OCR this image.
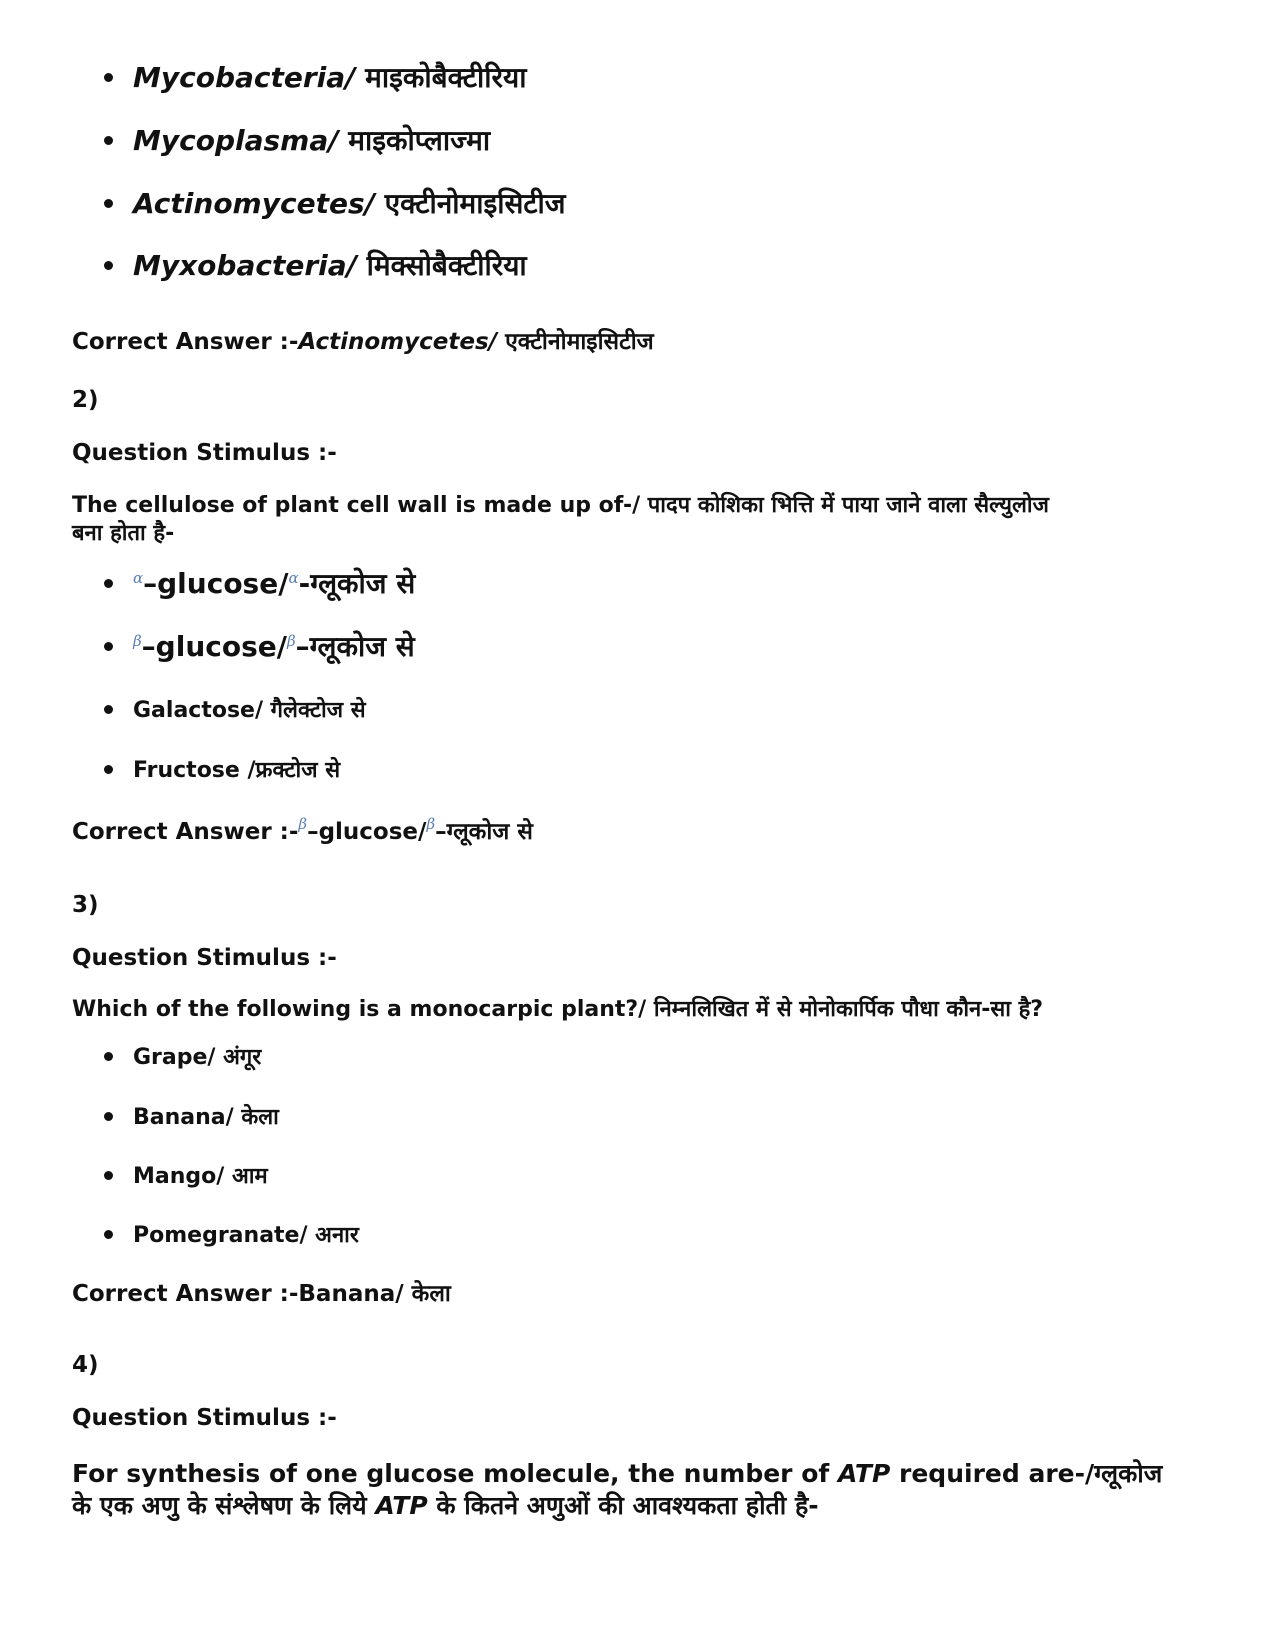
Mycobacteria/ माइकोबैक्टीरिया
Mycoplasma/ माइकोप्लाज्मा
Actinomycetes/ एक्टीनोमाइसिटीज
Myxobacteria/ मिक्सोबैक्टीरिया
Correct Answer :-Actinomycetes/ एक्टीनोमाइसिटीज
2)
Question Stimulus :-
The cellulose of plant cell wall is made up of-/ पादप कोशिका भित्ति में पाया जाने वाला सैल्युलोज
बना होता है-
$^\alpha$–glucose/$^\alpha$-ग्लूकोज से
$^\beta$–glucose/$^\beta$–ग्लूकोज से
Galactose/ गैलेक्टोज से
Fructose /फ्रक्टोज से
Correct Answer :-$^\beta$–glucose/$^\beta$–ग्लूकोज से
3)
Question Stimulus :-
Which of the following is a monocarpic plant?/ निम्नलिखित में से मोनोकार्पिक पौधा कौन-सा है?
Grape/ अंगूर
Banana/ केला
Mango/ आम
Pomegranate/ अनार
Correct Answer :-Banana/ केला
4)
Question Stimulus :-
For synthesis of one glucose molecule, the number of ATP required are-/ग्लूकोज
के एक अणु के संश्लेषण के लिये ATP के कितने अणुओं की आवश्यकता होती है-
